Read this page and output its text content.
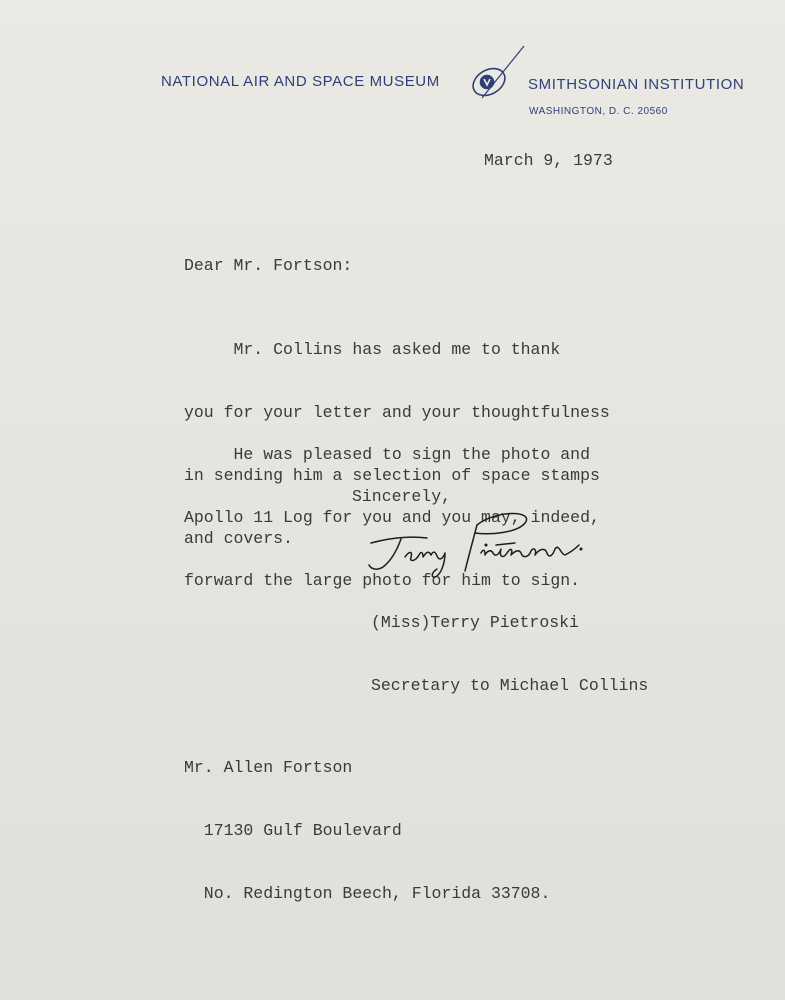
NATIONAL AIR AND SPACE MUSEUM	SMITHSONIAN INSTITUTION
WASHINGTON, D. C. 20560
March 9, 1973
Dear Mr. Fortson:

Mr. Collins has asked me to thank

you for your letter and your thoughtfulness

in sending him a selection of space stamps

and covers.

He was pleased to sign the photo and

Apollo 11 Log for you and you may, indeed,

forward the large photo for him to sign.

Sincerely,

(Miss)Terry Pietroski

Secretary to Michael Collins

Mr. Allen Fortson

17130 Gulf Boulevard

No. Redington Beech, Florida 33708.
